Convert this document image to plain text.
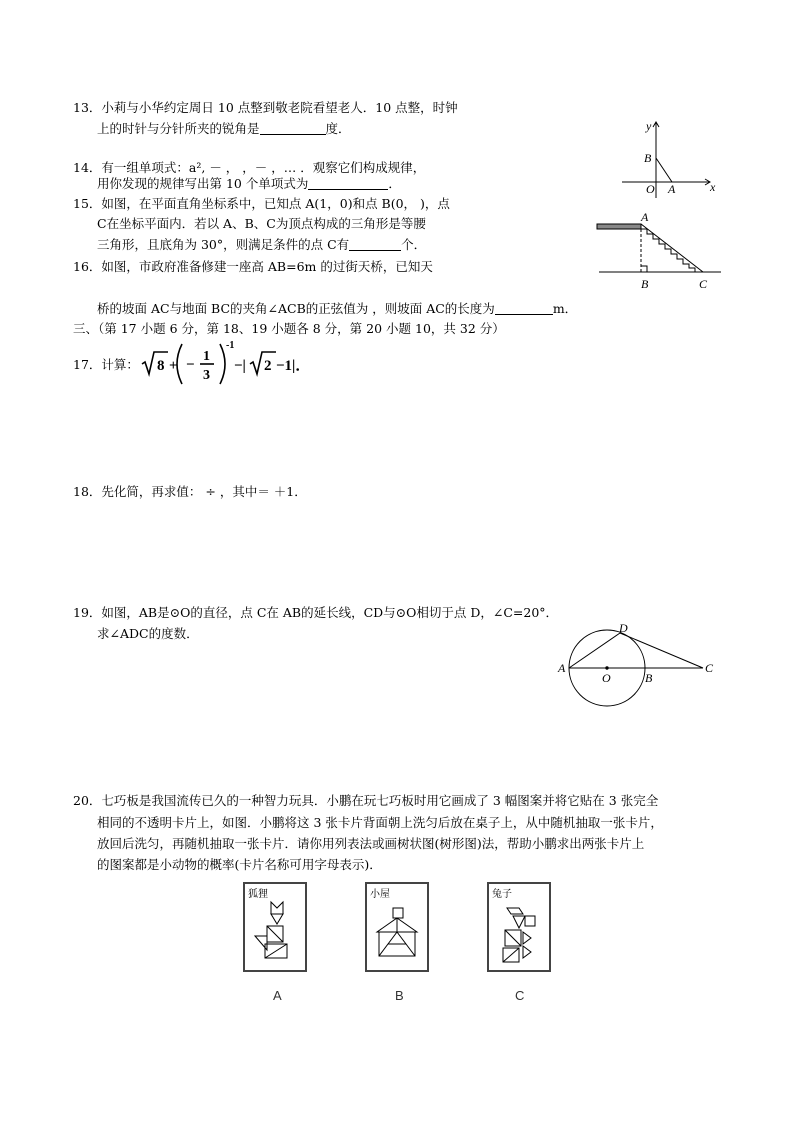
13．小莉与小华约定周日 10 点整到敬老院看望老人．10 点整，时钟
上的时针与分针所夹的锐角是	度．
14．有一组单项式：a², － ， ，－ ，… ．观察它们构成规律，
用你发现的规律写出第 10 个单项式为	．
15．如图，在平面直角坐标系中，已知点 A(1，0)和点 B(0， )，点
C在坐标平面内．若以 A、B、C为顶点构成的三角形是等腰
三角形，且底角为 30°，则满足条件的点 C有	个．
16．如图，市政府准备修建一座高 AB=6m 的过街天桥，已知天
桥的坡面 AC与地面 BC的夹角∠ACB的正弦值为 ，则坡面 AC的长度为	m．
三、（第 17 小题 6 分，第 18、19 小题各 8 分，第 20 小题 10，共 32 分）
17．计算： 8 + −
1
3
-1
−| 2 −1|．
18．先化简，再求值： ÷ ，其中＝ ＋1．
19．如图，AB是⊙O的直径，点 C在 AB的延长线，CD与⊙O相切于点 D，∠C=20°．
求∠ADC的度数．
20．七巧板是我国流传已久的一种智力玩具．小鹏在玩七巧板时用它画成了 3 幅图案并将它贴在 3 张完全
相同的不透明卡片上，如图．小鹏将这 3 张卡片背面朝上洗匀后放在桌子上，从中随机抽取一张卡片，
放回后洗匀，再随机抽取一张卡片．请你用列表法或画树状图(树形图)法，帮助小鹏求出两张卡片上
的图案都是小动物的概率(卡片名称可用字母表示)．
y
x
B
O A
A
B	C
D
A
O	B
C
狐狸
A
小屋
B
兔子
C
